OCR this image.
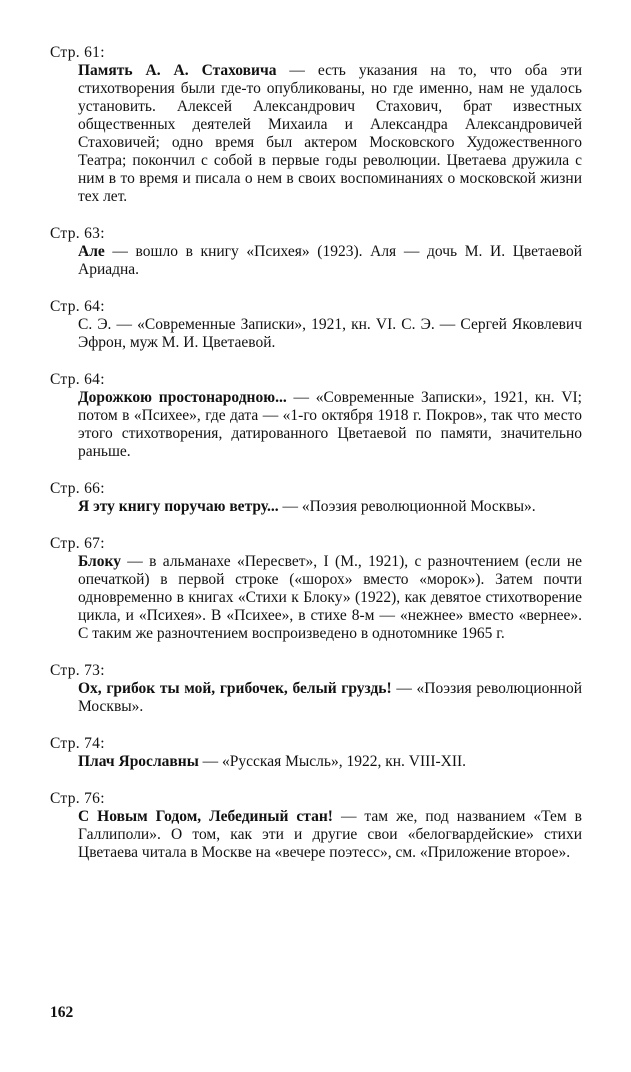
Стр. 61:

Память А. А. Стаховича — есть указания на то, что оба эти стихотворения были где-то опубликованы, но где именно, нам не удалось установить. Алексей Александрович Стахович, брат известных общественных деятелей Михаила и Александра Александровичей Стаховичей; одно время был актером Московского Художественного Театра; покончил с собой в первые годы революции. Цветаева дружила с ним в то время и писала о нем в своих воспоминаниях о московской жизни тех лет.

Стр. 63:

Але — вошло в книгу «Психея» (1923). Аля — дочь М. И. Цветаевой Ариадна.

Стр. 64:

С. Э. — «Современные Записки», 1921, кн. VI. С. Э. — Сергей Яковлевич Эфрон, муж М. И. Цветаевой.

Стр. 64:

Дорожкою простонародною... — «Современные Записки», 1921, кн. VI; потом в «Психее», где дата — «1-го октября 1918 г. Покров», так что место этого стихотворения, датированного Цветаевой по памяти, значительно раньше.

Стр. 66:

Я эту книгу поручаю ветру... — «Поэзия революционной Москвы».

Стр. 67:

Блоку — в альманахе «Пересвет», I (М., 1921), с разночтением (если не опечаткой) в первой строке («шорох» вместо «морок»). Затем почти одновременно в книгах «Стихи к Блоку» (1922), как девятое стихотворение цикла, и «Психея». В «Психее», в стихе 8-м — «нежнее» вместо «вернее». С таким же разночтением воспроизведено в однотомнике 1965 г.

Стр. 73:

Ох, грибок ты мой, грибочек, белый груздь! — «Поэзия революционной Москвы».

Стр. 74:

Плач Ярославны — «Русская Мысль», 1922, кн. VIII-XII.

Стр. 76:

С Новым Годом, Лебединый стан! — там же, под названием «Тем в Галлиполи». О том, как эти и другие свои «белогвардейские» стихи Цветаева читала в Москве на «вечере поэтесс», см. «Приложение второе».

162
